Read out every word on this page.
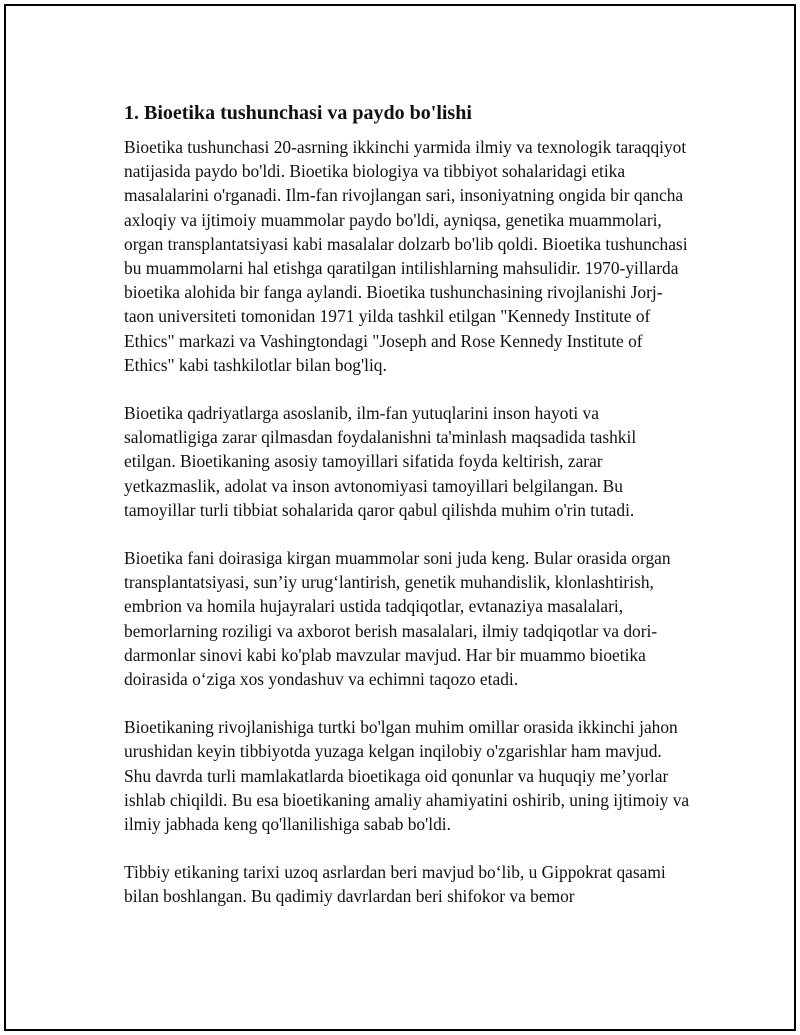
1. Bioetika tushunchasi va paydo bo'lishi

Bioetika tushunchasi 20-asrning ikkinchi yarmida ilmiy va texnologik taraqqiyot natijasida paydo bo'ldi. Bioetika biologiya va tibbiyot sohalaridagi etika masalalarini o'rganadi. Ilm-fan rivojlangan sari, insoniyatning ongida bir qancha axloqiy va ijtimoiy muammolar paydo bo'ldi, ayniqsa, genetika muammolari, organ transplantatsiyasi kabi masalalar dolzarb bo'lib qoldi. Bioetika tushunchasi bu muammolarni hal etishga qaratilgan intilishlarning mahsulidir. 1970-yillarda bioetika alohida bir fanga aylandi. Bioetika tushunchasining rivojlanishi Jorj-taon universiteti tomonidan 1971 yilda tashkil etilgan "Kennedy Institute of Ethics" markazi va Vashingtondagi "Joseph and Rose Kennedy Institute of Ethics" kabi tashkilotlar bilan bog'liq.

Bioetika qadriyatlarga asoslanib, ilm-fan yutuqlarini inson hayoti va salomatligiga zarar qilmasdan foydalanishni ta'minlash maqsadida tashkil etilgan. Bioetikaning asosiy tamoyillari sifatida foyda keltirish, zarar yetkazmaslik, adolat va inson avtonomiyasi tamoyillari belgilangan. Bu tamoyillar turli tibbiat sohalarida qaror qabul qilishda muhim o'rin tutadi.

Bioetika fani doirasiga kirgan muammolar soni juda keng. Bular orasida organ transplantatsiyasi, sun’iy urug‘lantirish, genetik muhandislik, klonlashtirish, embrion va homila hujayralari ustida tadqiqotlar, evtanaziya masalalari, bemorlarning roziligi va axborot berish masalalari, ilmiy tadqiqotlar va dori-darmonlar sinovi kabi ko'plab mavzular mavjud. Har bir muammo bioetika doirasida o‘ziga xos yondashuv va echimni taqozo etadi.

Bioetikaning rivojlanishiga turtki bo'lgan muhim omillar orasida ikkinchi jahon urushidan keyin tibbiyotda yuzaga kelgan inqilobiy o'zgarishlar ham mavjud. Shu davrda turli mamlakatlarda bioetikaga oid qonunlar va huquqiy me’yorlar ishlab chiqildi. Bu esa bioetikaning amaliy ahamiyatini oshirib, uning ijtimoiy va ilmiy jabhada keng qo'llanilishiga sabab bo'ldi.

Tibbiy etikaning tarixi uzoq asrlardan beri mavjud bo‘lib, u Gippokrat qasami bilan boshlangan. Bu qadimiy davrlardan beri shifokor va bemor
